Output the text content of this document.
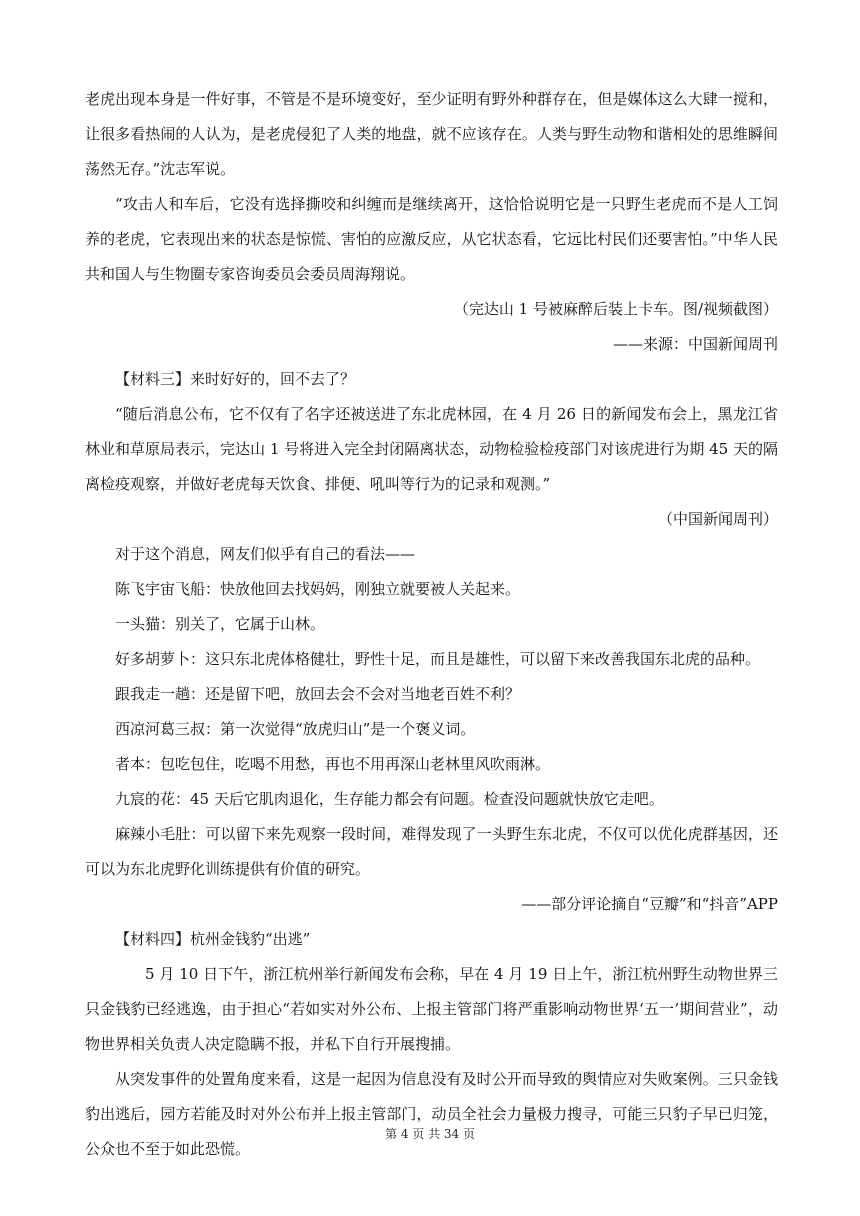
老虎出现本身是一件好事，不管是不是环境变好，至少证明有野外种群存在，但是媒体这么大肆一搅和，让很多看热闹的人认为，是老虎侵犯了人类的地盘，就不应该存在。人类与野生动物和谐相处的思维瞬间荡然无存。”沈志军说。

“攻击人和车后，它没有选择撕咬和纠缠而是继续离开，这恰恰说明它是一只野生老虎而不是人工饲养的老虎，它表现出来的状态是惊慌、害怕的应激反应，从它状态看，它远比村民们还要害怕。”中华人民共和国人与生物圈专家咨询委员会委员周海翔说。

（完达山 1 号被麻醉后装上卡车。图/视频截图）

——来源：中国新闻周刊

【材料三】来时好好的，回不去了？

“随后消息公布，它不仅有了名字还被送进了东北虎林园，在 4 月 26 日的新闻发布会上，黑龙江省林业和草原局表示，完达山 1 号将进入完全封闭隔离状态，动物检验检疫部门对该虎进行为期 45 天的隔离检疫观察，并做好老虎每天饮食、排便、吼叫等行为的记录和观测。”

（中国新闻周刊）

对于这个消息，网友们似乎有自己的看法——

陈飞宇宙飞船：快放他回去找妈妈，刚独立就要被人关起来。

一头猫：别关了，它属于山林。

好多胡萝卜：这只东北虎体格健壮，野性十足，而且是雄性，可以留下来改善我国东北虎的品种。

跟我走一趟：还是留下吧，放回去会不会对当地老百姓不利？

西凉河葛三叔：第一次觉得“放虎归山”是一个褒义词。

者本：包吃包住，吃喝不用愁，再也不用再深山老林里风吹雨淋。

九宸的花：45 天后它肌肉退化，生存能力都会有问题。检查没问题就快放它走吧。

麻辣小毛肚：可以留下来先观察一段时间，难得发现了一头野生东北虎，不仅可以优化虎群基因，还可以为东北虎野化训练提供有价值的研究。

——部分评论摘自“豆瓣”和“抖音”APP

【材料四】杭州金钱豹“出逃”

5 月 10 日下午，浙江杭州举行新闻发布会称，早在 4 月 19 日上午，浙江杭州野生动物世界三只金钱豹已经逃逸，由于担心“若如实对外公布、上报主管部门将严重影响动物世界‘五一’期间营业”，动物世界相关负责人决定隐瞒不报，并私下自行开展搜捕。

从突发事件的处置角度来看，这是一起因为信息没有及时公开而导致的舆情应对失败案例。三只金钱豹出逃后，园方若能及时对外公布并上报主管部门，动员全社会力量极力搜寻，可能三只豹子早已归笼，公众也不至于如此恐慌。

第 4 页 共 34 页
